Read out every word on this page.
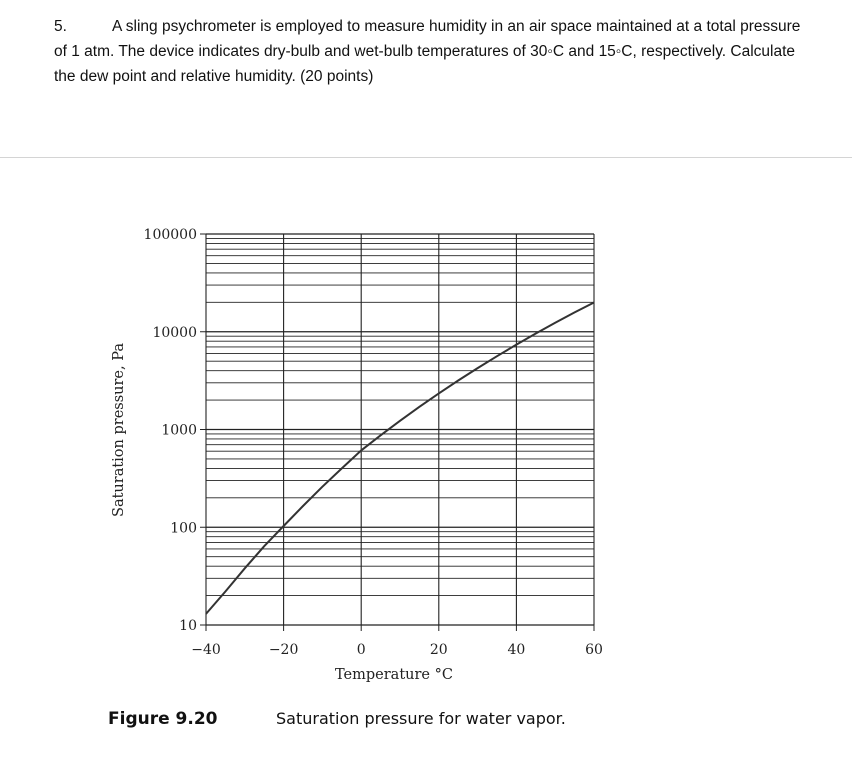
5.	A sling psychrometer is employed to measure humidity in an air space maintained at a total pressure of 1 atm. The device indicates dry-bulb and wet-bulb temperatures of 30◦C and 15◦C, respectively. Calculate the dew point and relative humidity. (20 points)
10
100
1000
10000
100000
−40	−20	0	20	40	60
Temperature °C
Saturation pressure, Pa
Figure 9.20	Saturation pressure for water vapor.
